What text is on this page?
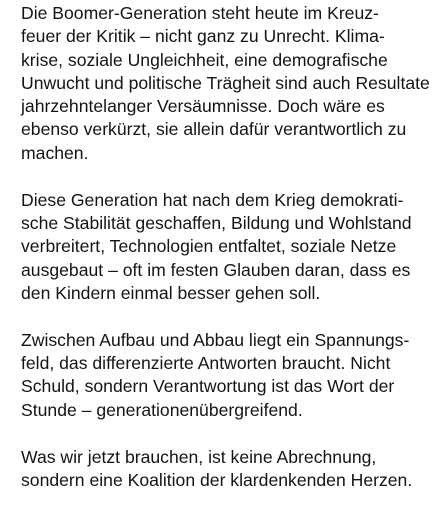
Die Boomer-Generation steht heute im Kreuz-
feuer der Kritik – nicht ganz zu Unrecht. Klima-
krise, soziale Ungleichheit, eine demografische
Unwucht und politische Trägheit sind auch Resultate
jahrzehntelanger Versäumnisse. Doch wäre es
ebenso verkürzt, sie allein dafür verantwortlich zu
machen.

Diese Generation hat nach dem Krieg demokrati-
sche Stabilität geschaffen, Bildung und Wohlstand
verbreitert, Technologien entfaltet, soziale Netze
ausgebaut – oft im festen Glauben daran, dass es
den Kindern einmal besser gehen soll.

Zwischen Aufbau und Abbau liegt ein Spannungs-
feld, das differenzierte Antworten braucht. Nicht
Schuld, sondern Verantwortung ist das Wort der
Stunde – generationenübergreifend.

Was wir jetzt brauchen, ist keine Abrechnung,
sondern eine Koalition der klardenkenden Herzen.
